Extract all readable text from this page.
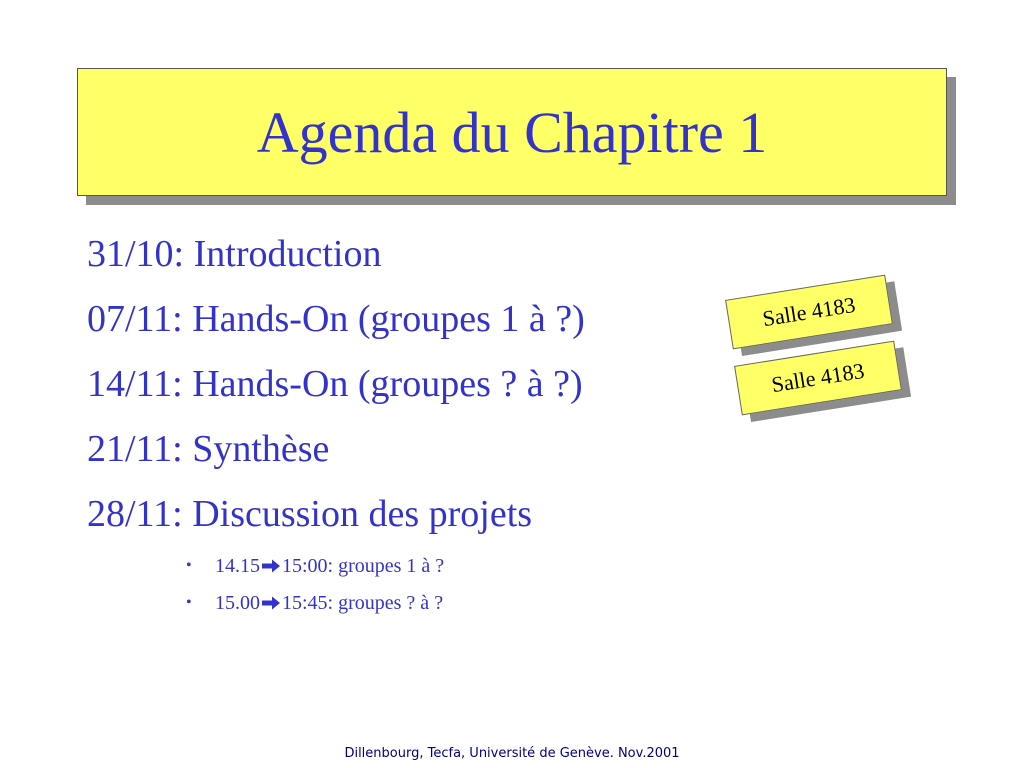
Agenda du Chapitre 1
31/10: Introduction
07/11: Hands-On (groupes 1 à ?)
14/11: Hands-On (groupes ? à ?)
21/11: Synthèse
28/11: Discussion des projets
•	14.15 15:00: groupes 1 à ?
•	15.00 15:45: groupes ? à ?
Salle 4183
Salle 4183
Dillenbourg, Tecfa, Université de Genève. Nov.2001
